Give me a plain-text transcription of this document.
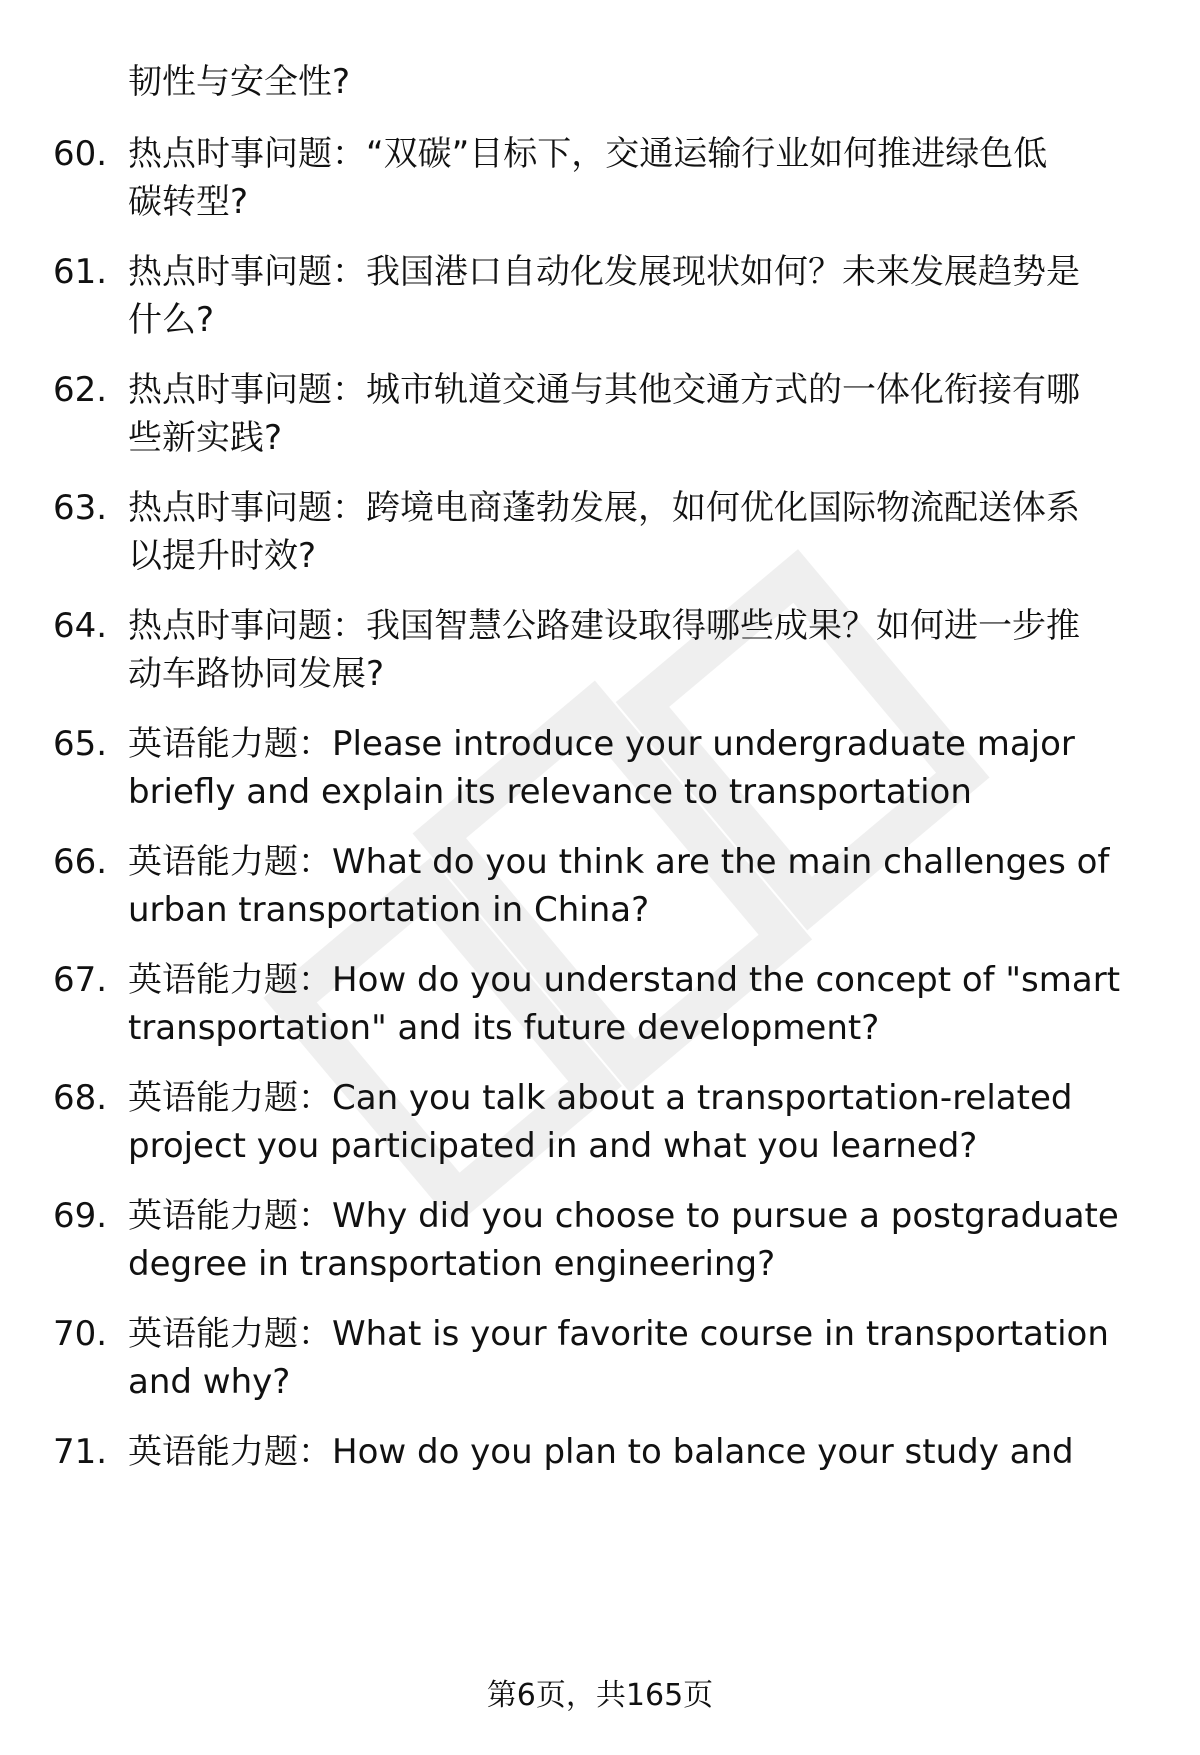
韧性与安全性?
60. 热点时事问题：“双碳”目标下，交通运输行业如何推进绿色低
碳转型?
61. 热点时事问题：我国港口自动化发展现状如何？未来发展趋势是
什么?
62. 热点时事问题：城市轨道交通与其他交通方式的一体化衔接有哪
些新实践?
63. 热点时事问题：跨境电商蓬勃发展，如何优化国际物流配送体系
以提升时效?
64. 热点时事问题：我国智慧公路建设取得哪些成果？如何进一步推
动车路协同发展?
65. 英语能力题：Please introduce your undergraduate major
briefly and explain its relevance to transportation
66. 英语能力题：What do you think are the main challenges of
urban transportation in China?
67. 英语能力题：How do you understand the concept of "smart
transportation" and its future development?
68. 英语能力题：Can you talk about a transportation-related
project you participated in and what you learned?
69. 英语能力题：Why did you choose to pursue a postgraduate
degree in transportation engineering?
70. 英语能力题：What is your favorite course in transportation
and why?
71. 英语能力题：How do you plan to balance your study and
第6页，共165页
